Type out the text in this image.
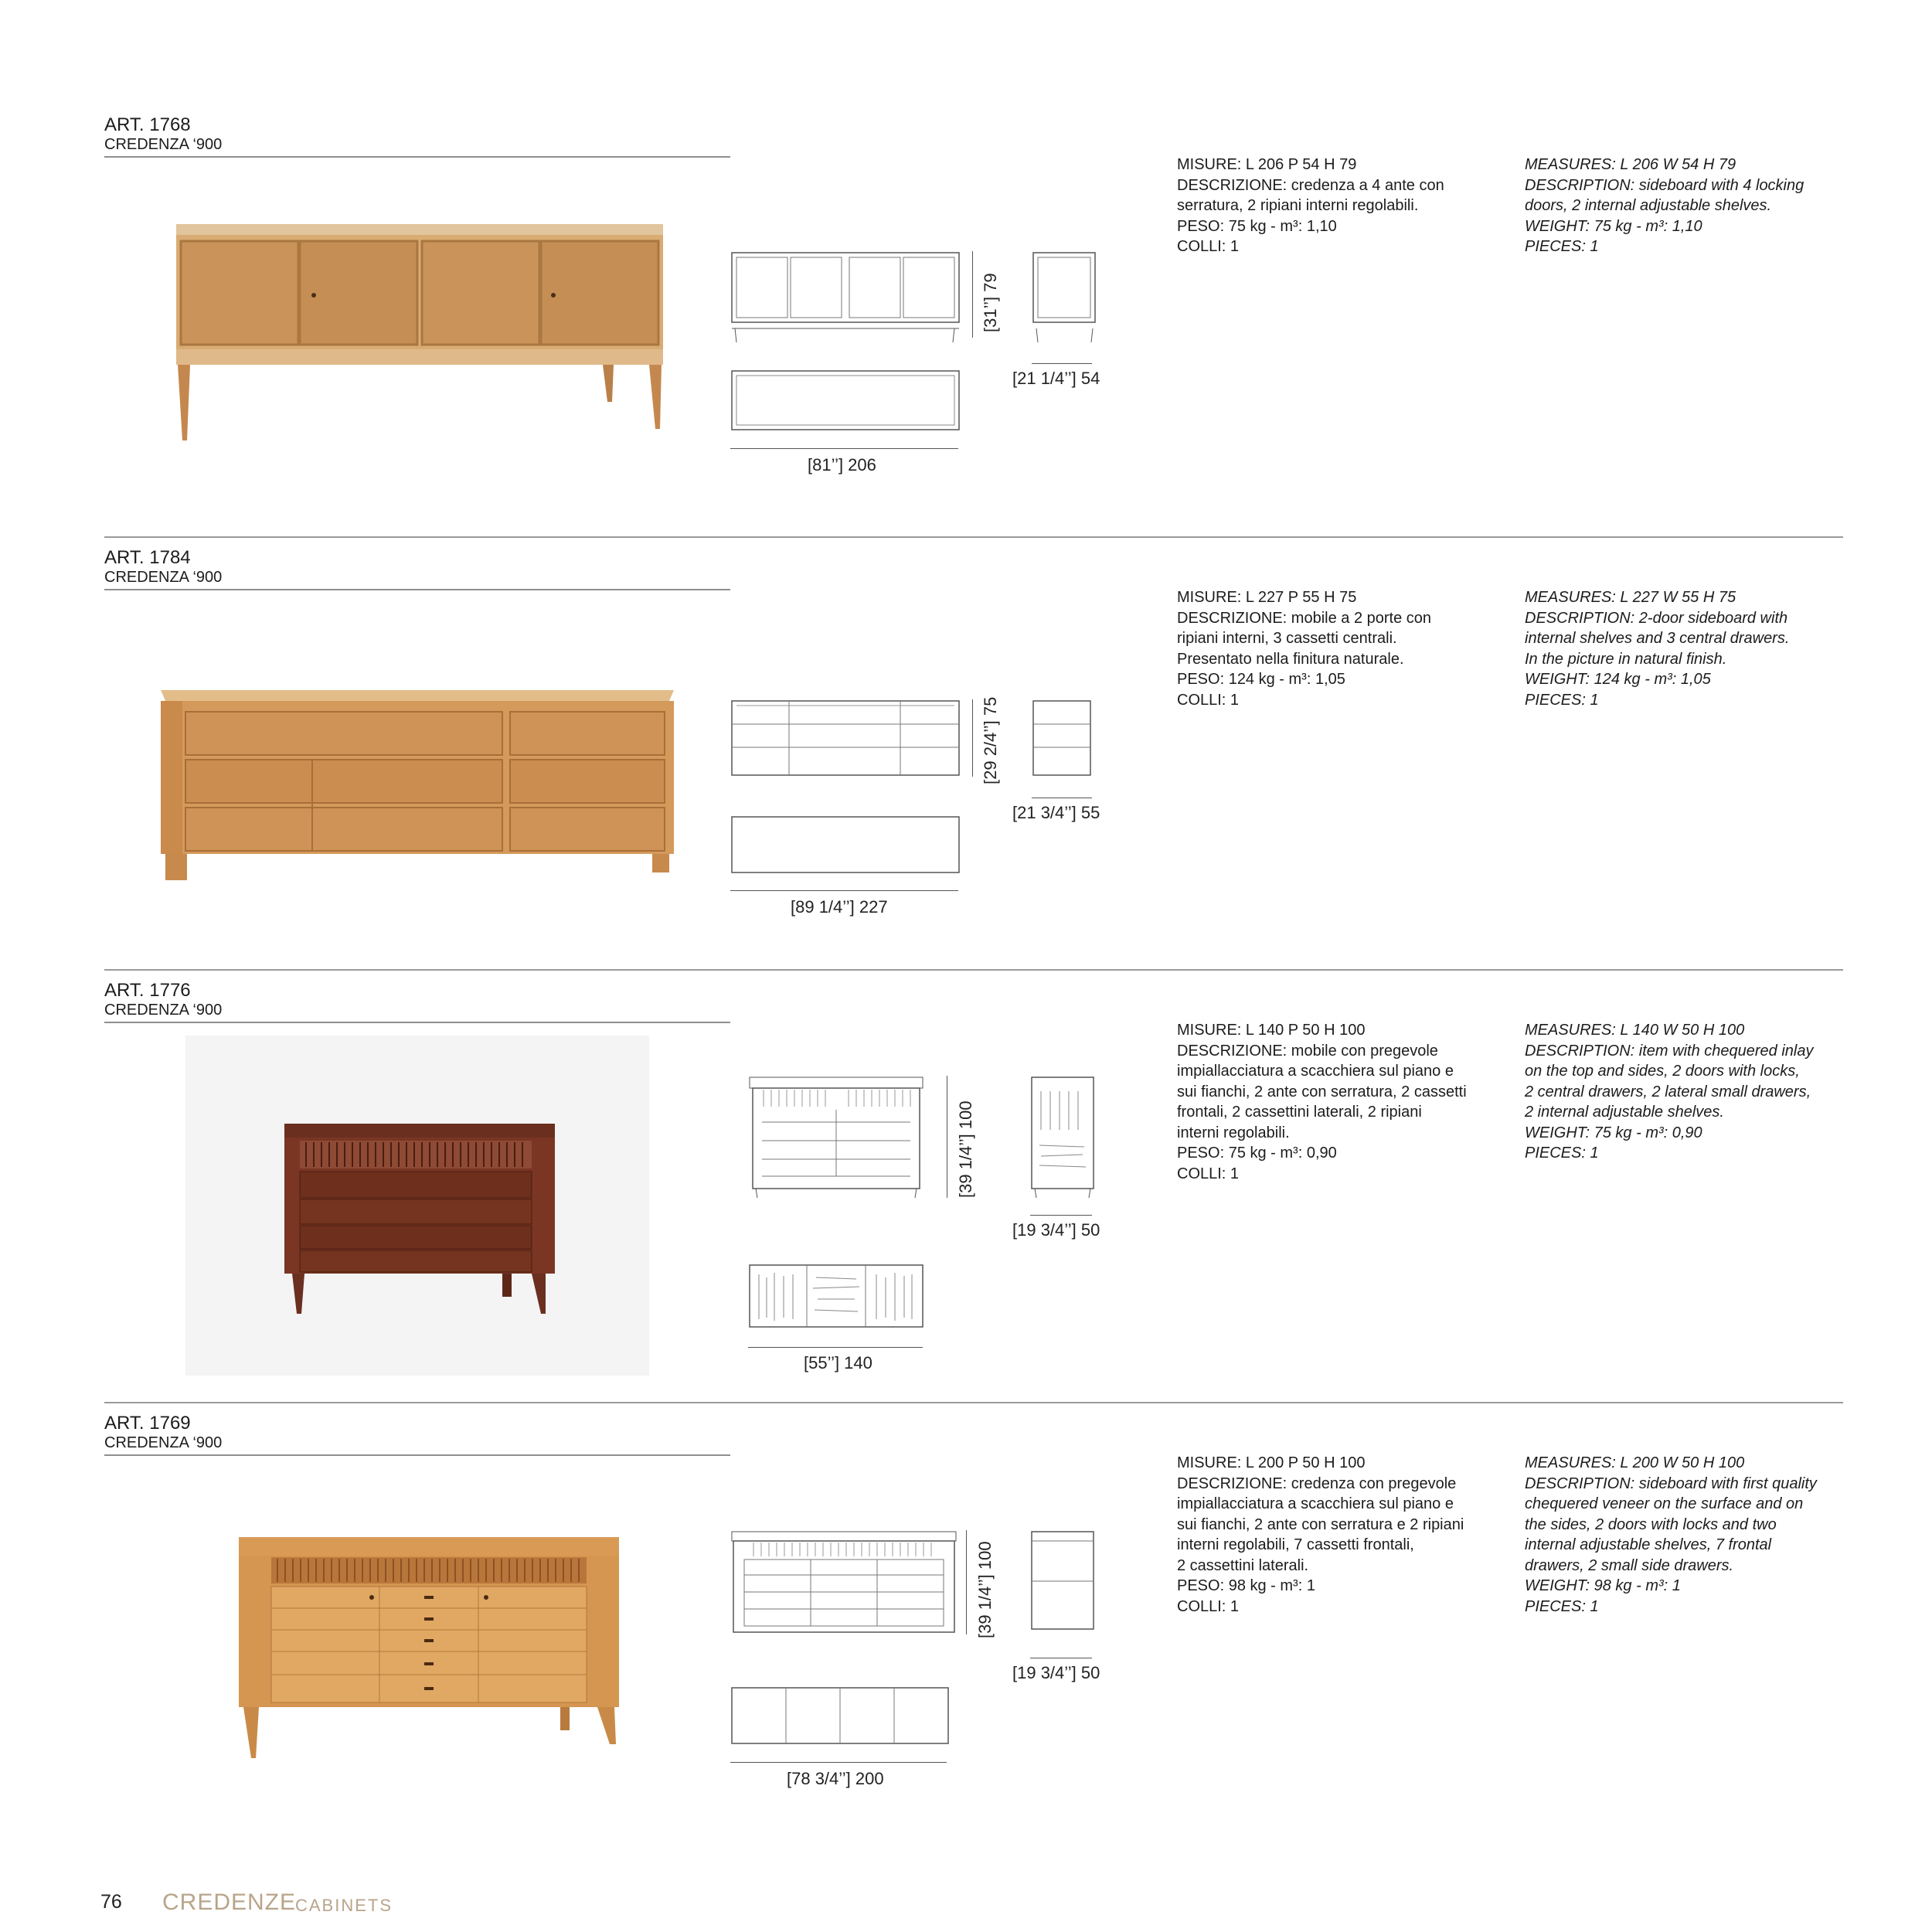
ART. 1768
CREDENZA ‘900
[31’’] 79
[21 1/4’’] 54
[81’’] 206
MISURE: L 206 P 54 H 79
DESCRIZIONE: credenza a 4 ante con
serratura, 2 ripiani interni regolabili.
PESO: 75 kg - m³: 1,10
COLLI: 1
MEASURES: L 206 W 54 H 79
DESCRIPTION: sideboard with 4 locking
doors, 2 internal adjustable shelves.
WEIGHT: 75 kg - m³: 1,10
PIECES: 1
ART. 1784
CREDENZA ‘900
[29 2/4’’] 75
[21 3/4’’] 55
[89 1/4’’] 227
MISURE: L 227 P 55 H 75
DESCRIZIONE: mobile a 2 porte con
ripiani interni, 3 cassetti centrali.
Presentato nella finitura naturale.
PESO: 124 kg - m³: 1,05
COLLI: 1
MEASURES: L 227 W 55 H 75
DESCRIPTION: 2-door sideboard with
internal shelves and 3 central drawers.
In the picture in natural finish.
WEIGHT: 124 kg - m³: 1,05
PIECES: 1
ART. 1776
CREDENZA ‘900
[39 1/4’’] 100
[19 3/4’’] 50
[55’’] 140
MISURE: L 140 P 50 H 100
DESCRIZIONE: mobile con pregevole
impiallacciatura a scacchiera sul piano e
sui fianchi, 2 ante con serratura, 2 cassetti
frontali, 2 cassettini laterali, 2 ripiani
interni regolabili.
PESO: 75 kg - m³: 0,90
COLLI: 1
MEASURES: L 140 W 50 H 100
DESCRIPTION: item with chequered inlay
on the top and sides, 2 doors with locks,
2 central drawers, 2 lateral small drawers,
2 internal adjustable shelves.
WEIGHT: 75 kg - m³: 0,90
PIECES: 1
ART. 1769
CREDENZA ‘900
[39 1/4’’] 100
[19 3/4’’] 50
[78 3/4’’] 200
MISURE: L 200 P 50 H 100
DESCRIZIONE: credenza con pregevole
impiallacciatura a scacchiera sul piano e
sui fianchi, 2 ante con serratura e 2 ripiani
interni regolabili, 7 cassetti frontali,
2 cassettini laterali.
PESO: 98 kg - m³: 1
COLLI: 1
MEASURES: L 200 W 50 H 100
DESCRIPTION: sideboard with first quality
chequered veneer on the surface and on
the sides, 2 doors with locks and two
internal adjustable shelves, 7 frontal
drawers, 2 small side drawers.
WEIGHT: 98 kg - m³: 1
PIECES: 1
76 CREDENZE
CABINETS
